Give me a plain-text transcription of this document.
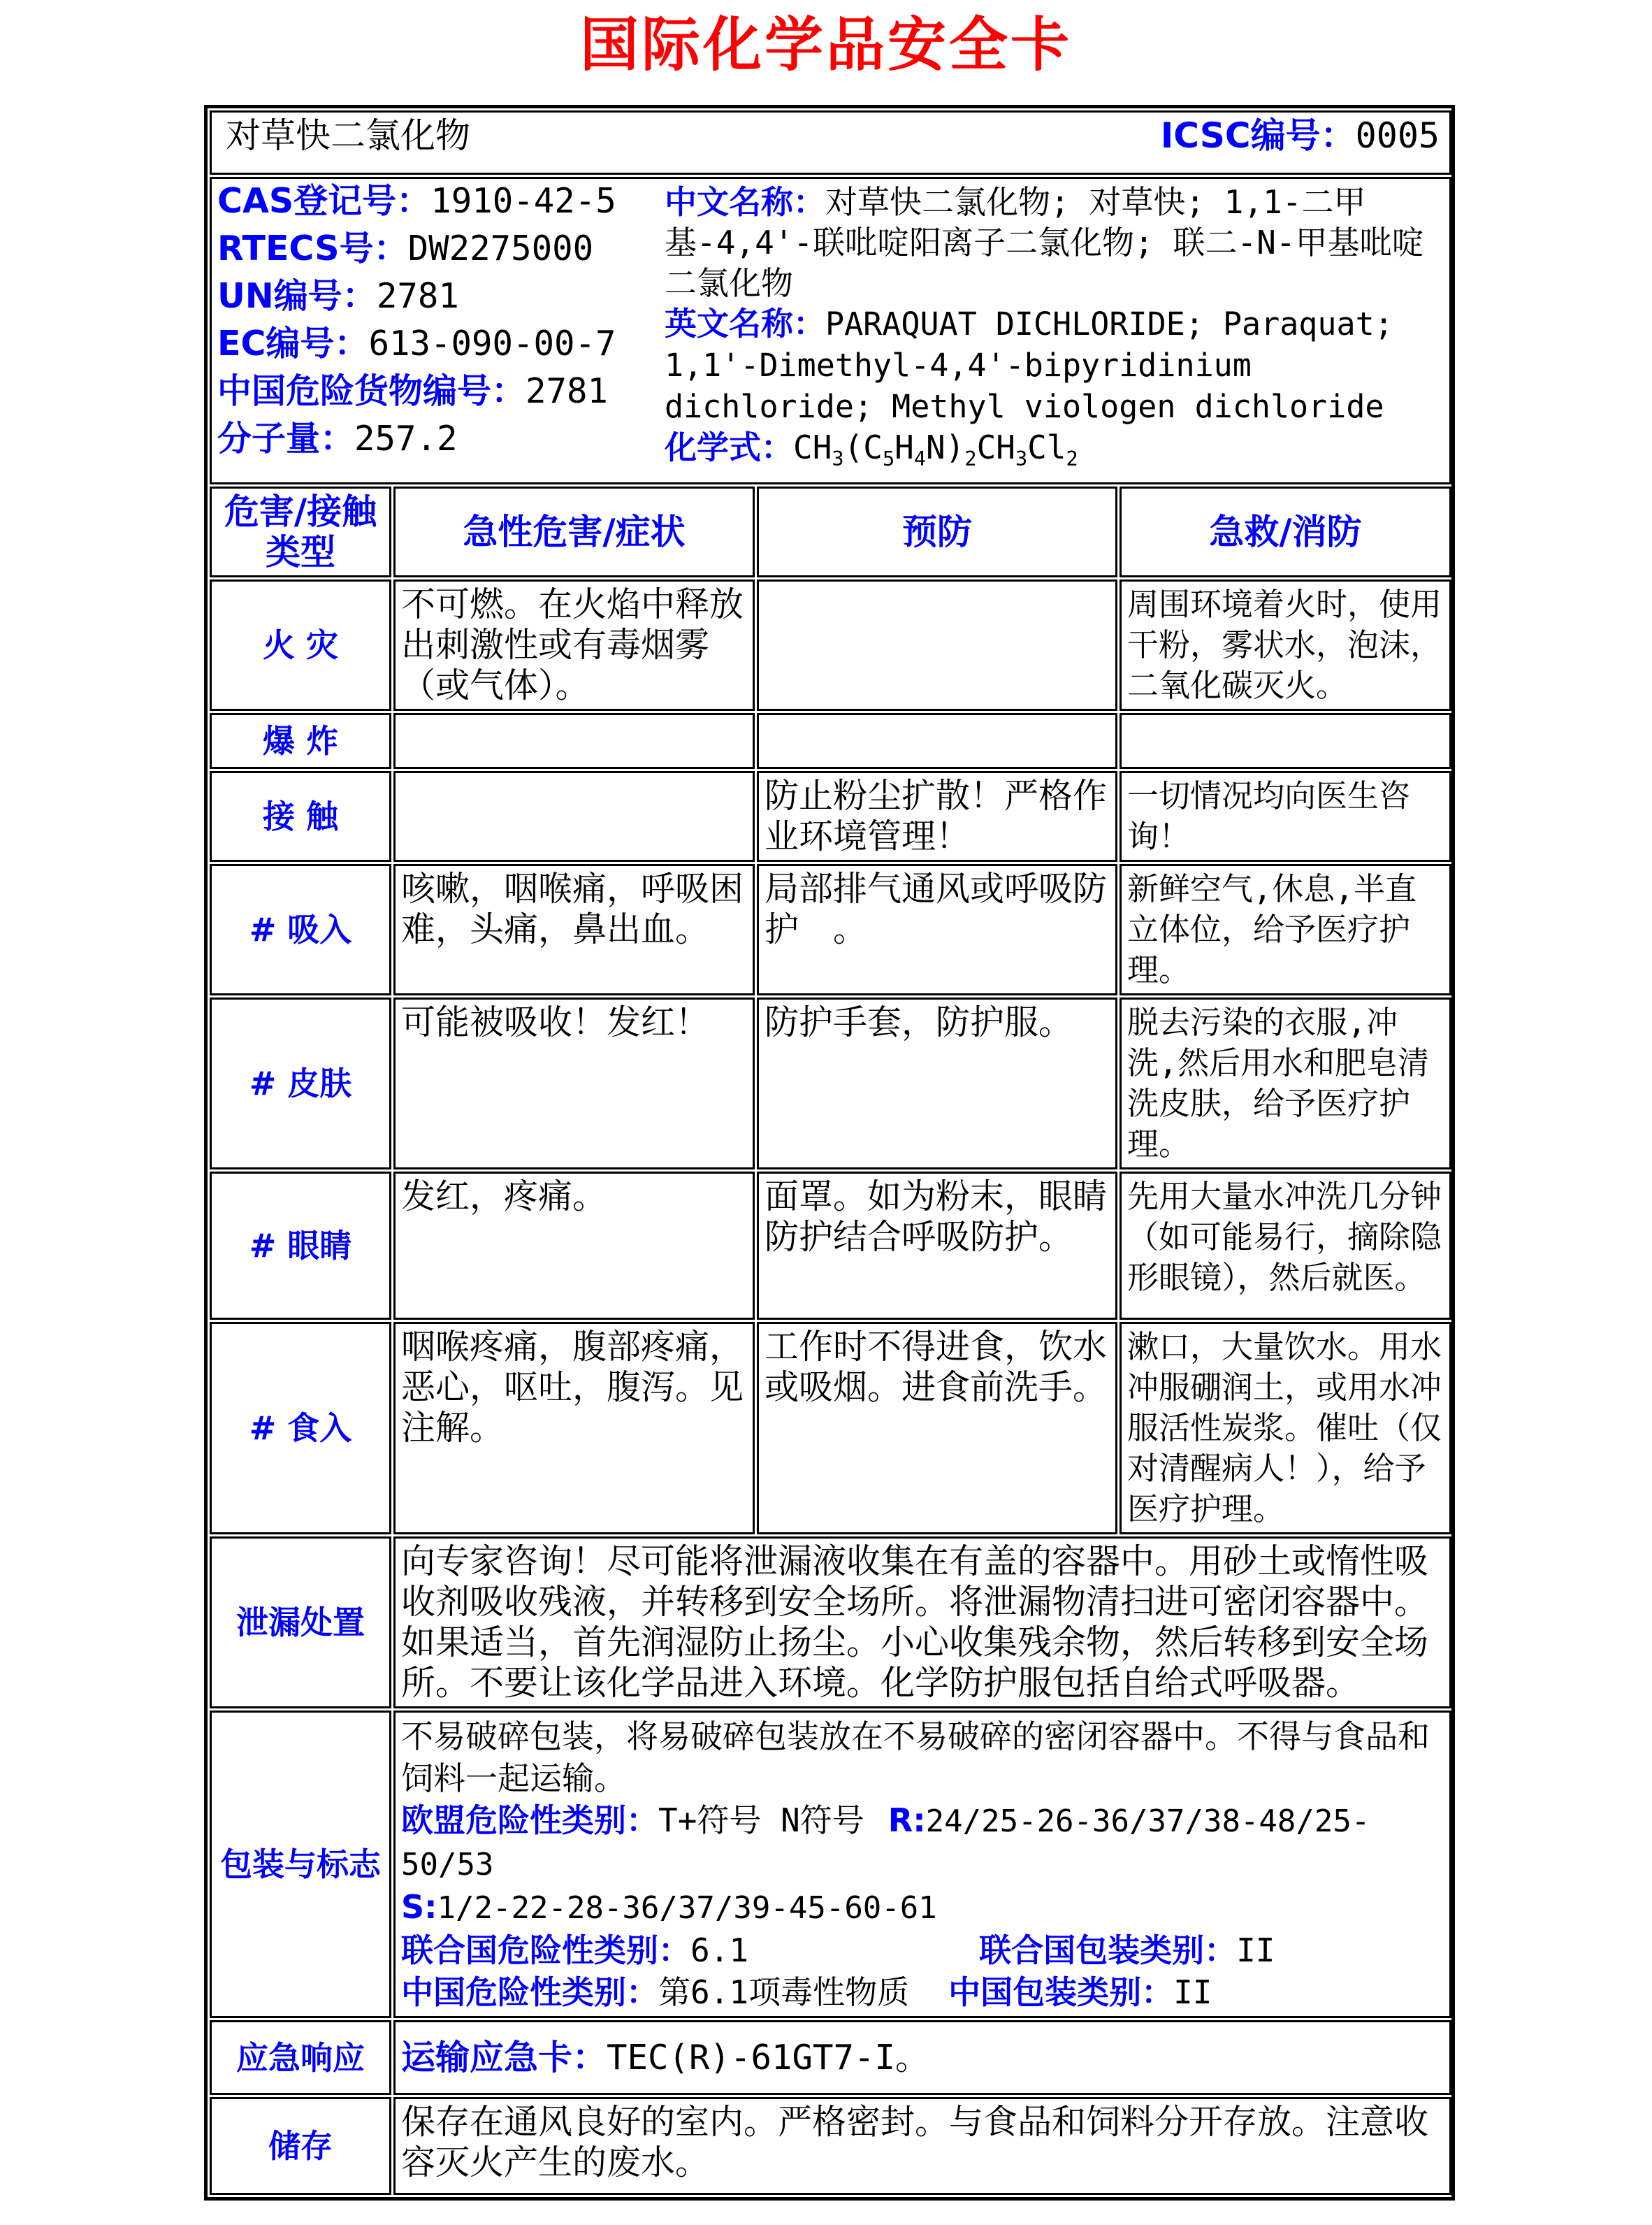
国际化学品安全卡
对草快二氯化物 ICSC编号：0005			

CAS登记号：1910-42-5

RTECS号：DW2275000

UN编号：2781

EC编号：613-090-00-7

中国危险货物编号：2781

分子量：257.2

中文名称：对草快二氯化物; 对草快; 1,1-二甲基-4,4'-联吡啶阳离子二氯化物; 联二-N-甲基吡啶二氯化物

英文名称：PARAQUAT DICHLORIDE; Paraquat; 1,1'-Dimethyl-4,4'-bipyridinium dichloride; Methyl viologen dichloride

化学式：$CH_3(C_5H_4N)_2CH_3Cl_2$

危害/接触类型	急性危害/症状	预防	急救/消防
火 灾	不可燃。在火焰中释放出刺激性或有毒烟雾（或气体）。		周围环境着火时，使用干粉，雾状水，泡沫，二氧化碳灭火。
爆 炸			
接 触		防止粉尘扩散！严格作业环境管理！	一切情况均向医生咨询！
# 吸入	咳嗽，咽喉痛，呼吸困难，头痛，鼻出血。	局部排气通风或呼吸防护　。	新鲜空气,休息,半直立体位，给予医疗护理。
# 皮肤	可能被吸收！发红！	防护手套，防护服。	脱去污染的衣服,冲洗,然后用水和肥皂清洗皮肤，给予医疗护理。
# 眼睛	发红，疼痛。	面罩。如为粉末，眼睛防护结合呼吸防护。	先用大量水冲洗几分钟（如可能易行，摘除隐形眼镜），然后就医。
# 食入	咽喉疼痛，腹部疼痛，恶心，呕吐，腹泻。见注解。	工作时不得进食，饮水或吸烟。进食前洗手。	漱口，大量饮水。用水冲服硼润土，或用水冲服活性炭浆。催吐（仅对清醒病人！），给予医疗护理。
泄漏处置	向专家咨询！尽可能将泄漏液收集在有盖的容器中。用砂土或惰性吸收剂吸收残液，并转移到安全场所。将泄漏物清扫进可密闭容器中。如果适当，首先润湿防止扬尘。小心收集残余物，然后转移到安全场所。不要让该化学品进入环境。化学防护服包括自给式呼吸器。		
包装与标志	不易破碎包装，将易破碎包装放在不易破碎的密闭容器中。不得与食品和饲料一起运输。

欧盟危险性类别：T+符号 N符号 R:24/25-26-36/37/38-48/25-50/53

S:1/2-22-28-36/37/39-45-60-61

联合国危险性类别：6.1 联合国包装类别：II

中国危险性类别：第6.1项毒性物质 中国包装类别：II		

应急响应	运输应急卡：TEC(R)-61GT7-I。		
储存	保存在通风良好的室内。严格密封。与食品和饲料分开存放。注意收容灭火产生的废水。		
